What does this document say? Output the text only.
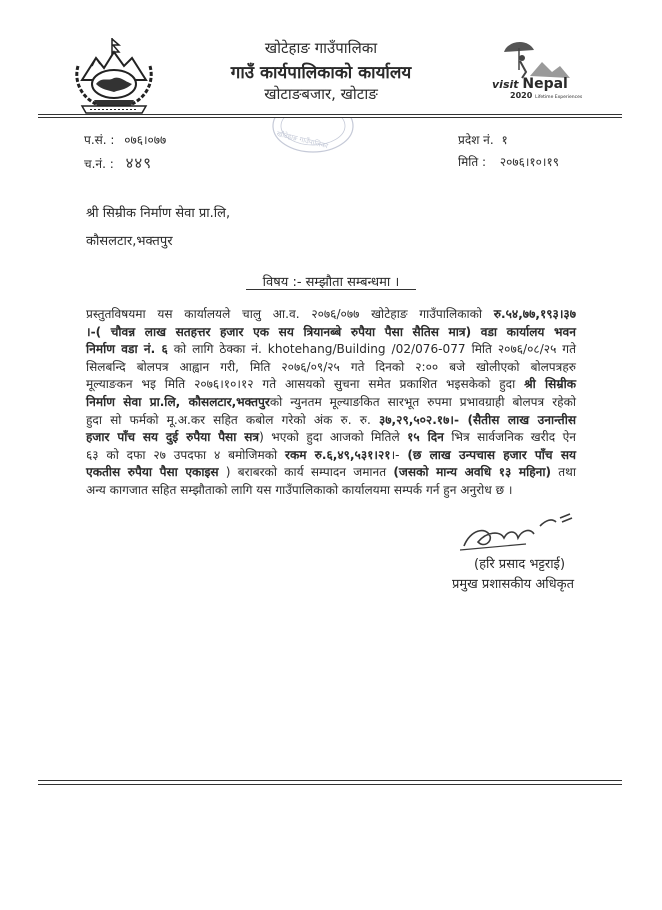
खोटेहाङ गाउँपालिका
गाउँ कार्यपालिकाको कार्यालय
खोटाङबजार, खोटाङ
visit Nepal
2020 Lifetime Experiences
प.सं. : ०७६।०७७
च.नं. : ४४९
प्रदेश नं. १
मिति : २०७६।१०।१९
खोटेहाङ गाउँपालिका
श्री सिम्रीक निर्माण सेवा प्रा.लि,
कौसलटार,भक्तपुर
विषय :- सम्झौता सम्बन्धमा ।
प्रस्तुतविषयमा यस कार्यालयले चालु आ.व. २०७६/०७७ खोटेहाङ गाउँपालिकाको रु.५४,७७,१९३।३७
।-( चौवन्न लाख सतहत्तर हजार एक सय त्रियानब्बे रुपैया पैसा सैतिस मात्र) वडा कार्यालय भवन
निर्माण वडा नं. ६ को लागि ठेक्का नं. khotehang/Building /02/076-077 मिति २०७६/०८/२५ गते
सिलबन्दि बोलपत्र आह्वान गरी, मिति २०७६/०९/२५ गते दिनको २:०० बजे खोलीएको बोलपत्रहरु
मूल्याङकन भइ मिति २०७६।१०।१२ गते आसयको सुचना समेत प्रकाशित भइसकेको हुदा श्री सिम्रीक
निर्माण सेवा प्रा.लि, कौसलटार,भक्तपुरको न्युनतम मूल्याङकित सारभूत रुपमा प्रभावग्राही बोलपत्र रहेको
हुदा सो फर्मको मू.अ.कर सहित कबोल गरेको अंक रु. रु. ३७,२९,५०२.१७।- (सैतीस लाख उनान्तीस
हजार पाँच सय दुई रुपैया पैसा सत्र) भएको हुदा आजको मितिले १५ दिन भित्र सार्वजनिक खरीद ऐन
६३ को दफा २७ उपदफा ४ बमोजिमको रकम रु.६,४९,५३१।२१।- (छ लाख उन्पचास हजार पाँच सय
एकतीस रुपैया पैसा एकाइस ) बराबरको कार्य सम्पादन जमानत (जसको मान्य अवधि १३ महिना) तथा
अन्य कागजात सहित सम्झौताको लागि यस गाउँपालिकाको कार्यालयमा सम्पर्क गर्न हुन अनुरोध छ ।
(हरि प्रसाद भट्टराई)
प्रमुख प्रशासकीय अधिकृत
